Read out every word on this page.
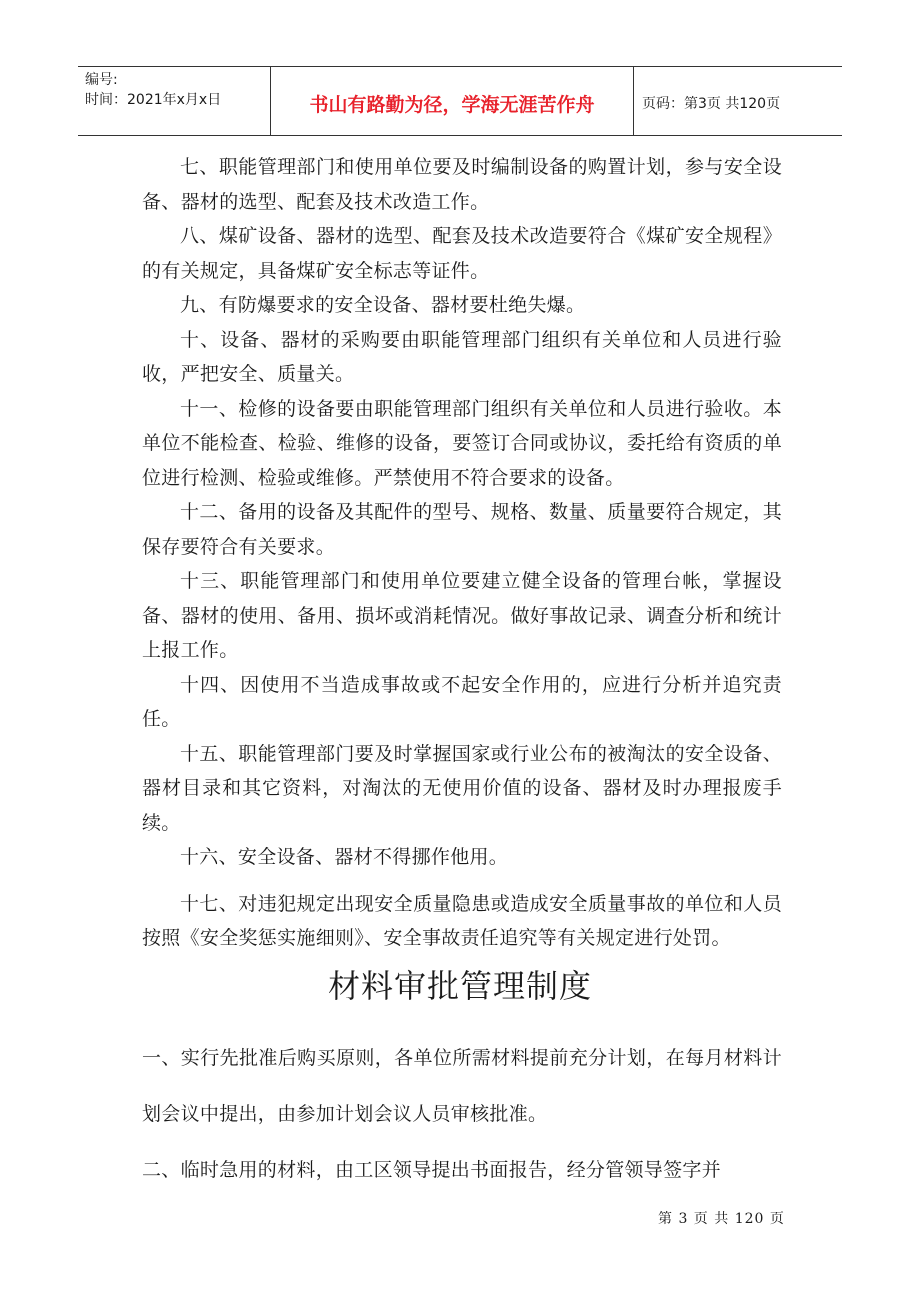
编号:
时间：2021年x月x日	书山有路勤为径，学海无涯苦作舟	页码：第3页 共120页

七、职能管理部门和使用单位要及时编制设备的购置计划，参与安全设备、器材的选型、配套及技术改造工作。

八、煤矿设备、器材的选型、配套及技术改造要符合《煤矿安全规程》的有关规定，具备煤矿安全标志等证件。

九、有防爆要求的安全设备、器材要杜绝失爆。

十、设备、器材的采购要由职能管理部门组织有关单位和人员进行验收，严把安全、质量关。

十一、检修的设备要由职能管理部门组织有关单位和人员进行验收。本单位不能检查、检验、维修的设备，要签订合同或协议，委托给有资质的单位进行检测、检验或维修。严禁使用不符合要求的设备。

十二、备用的设备及其配件的型号、规格、数量、质量要符合规定，其保存要符合有关要求。

十三、职能管理部门和使用单位要建立健全设备的管理台帐，掌握设备、器材的使用、备用、损坏或消耗情况。做好事故记录、调查分析和统计上报工作。

十四、因使用不当造成事故或不起安全作用的，应进行分析并追究责任。

十五、职能管理部门要及时掌握国家或行业公布的被淘汰的安全设备、器材目录和其它资料，对淘汰的无使用价值的设备、器材及时办理报废手续。

十六、安全设备、器材不得挪作他用。

十七、对违犯规定出现安全质量隐患或造成安全质量事故的单位和人员按照《安全奖惩实施细则》、安全事故责任追究等有关规定进行处罚。

材料审批管理制度

一、实行先批准后购买原则，各单位所需材料提前充分计划，在每月材料计划会议中提出，由参加计划会议人员审核批准。

二、临时急用的材料，由工区领导提出书面报告，经分管领导签字并

第 3 页 共 120 页
